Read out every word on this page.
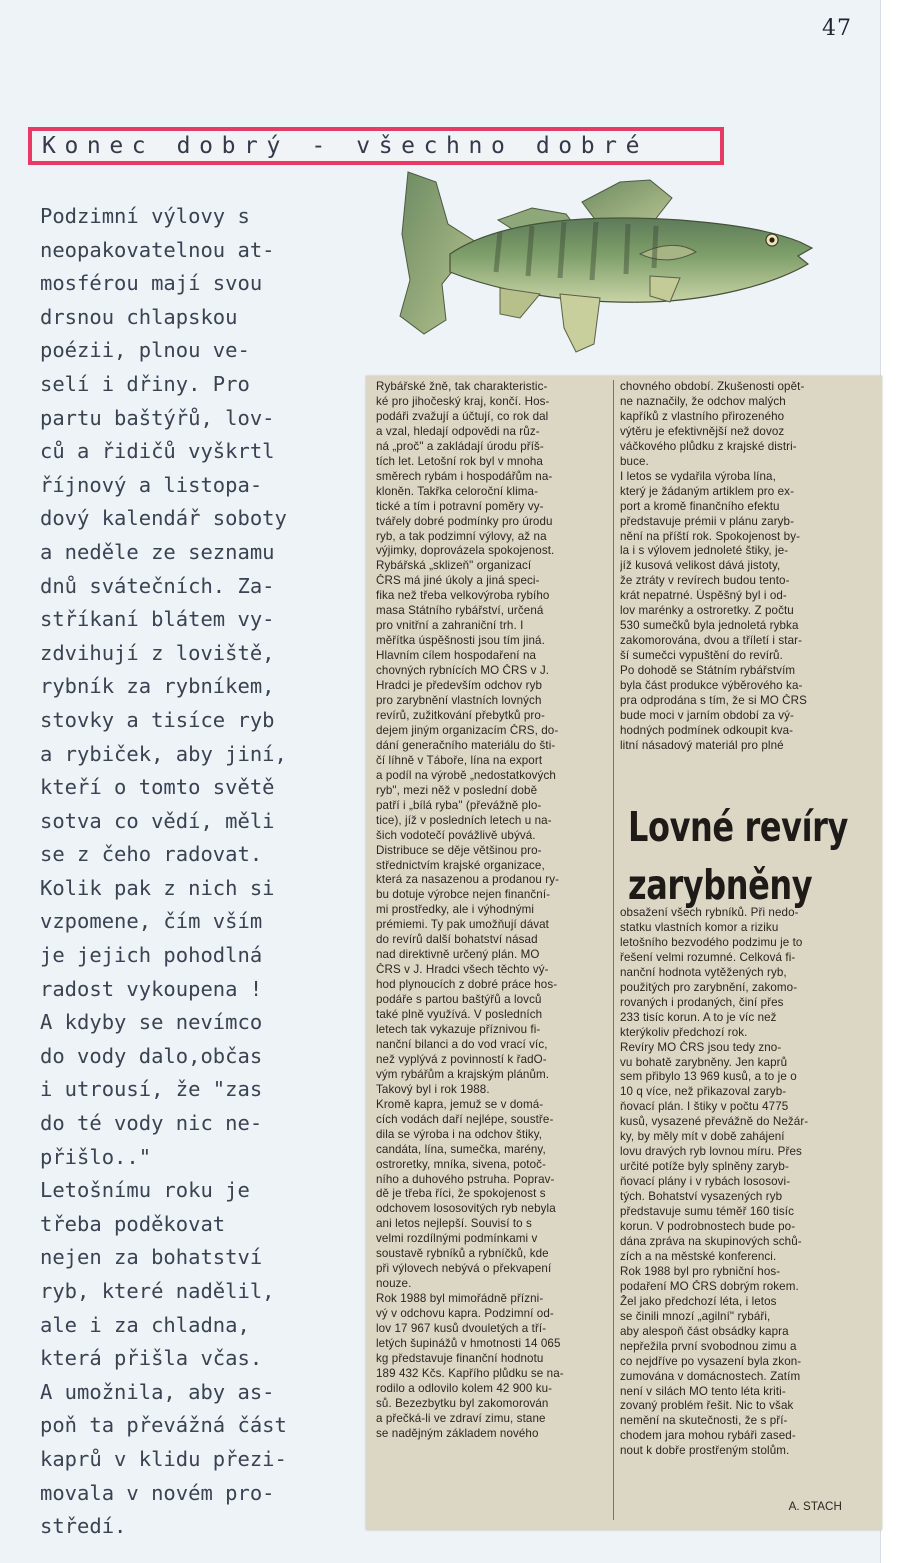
47
Konec dobrý - všechno dobré
Podzimní výlovy s
neopakovatelnou at-
mosférou mají svou
drsnou chlapskou
poézii, plnou ve-
selí i dřiny. Pro
partu baštýřů, lov-
ců a řidičů vyškrtl
říjnový a listopa-
dový kalendář soboty
a neděle ze seznamu
dnů svátečních. Za-
stříkaní blátem vy-
zdvihují z loviště,
rybník za rybníkem,
stovky a tisíce ryb
a rybiček, aby jiní,
kteří o tomto světě
sotva co vědí, měli
se z čeho radovat.
Kolik pak z nich si
vzpomene, čím vším
je jejich pohodlná
radost vykoupena !
A kdyby se nevímco
do vody dalo,občas
i utrousí, že "zas
do té vody nic ne-
přišlo.."
Letošnímu roku je
třeba poděkovat
nejen za bohatství
ryb, které nadělil,
ale i za chladna,
která přišla včas.
A umožnila, aby as-
poň ta převážná část
kaprů v klidu přezi-
movala v novém pro-
středí.
Rybářské žně, tak charakteristic-
ké pro jihočeský kraj, končí. Hos-
podáři zvažují a účtují, co rok dal
a vzal, hledají odpovědi na růz-
ná „proč" a zakládají úrodu příš-
tích let. Letošní rok byl v mnoha
směrech rybám i hospodářům na-
kloněn. Takřka celoroční klima-
tické a tím i potravní poměry vy-
tvářely dobré podmínky pro úrodu
ryb, a tak podzimní výlovy, až na
výjimky, doprovázela spokojenost.
Rybářská „sklizeň" organizací
ČRS má jiné úkoly a jiná speci-
fika než třeba velkovýroba rybího
masa Státního rybářství, určená
pro vnitřní a zahraniční trh. I
měřítka úspěšnosti jsou tím jiná.
Hlavním cílem hospodaření na
chovných rybnících MO ČRS v J.
Hradci je především odchov ryb
pro zarybnění vlastních lovných
revírů, zužitkování přebytků pro-
dejem jiným organizacím ČRS, do-
dání generačního materiálu do šti-
čí líhně v Táboře, lína na export
a podíl na výrobě „nedostatkových
ryb", mezi něž v poslední době
patří i „bílá ryba" (převážně plo-
tice), jíž v posledních letech u na-
šich vodotečí povážlivě ubývá.
Distribuce se děje většinou pro-
střednictvím krajské organizace,
která za nasazenou a prodanou ry-
bu dotuje výrobce nejen finanční-
mi prostředky, ale i výhodnými
prémiemi. Ty pak umožňují dávat
do revírů další bohatství násad
nad direktivně určený plán. MO
ČRS v J. Hradci všech těchto vý-
hod plynoucích z dobré práce hos-
podáře s partou baštýřů a lovců
také plně využívá. V posledních
letech tak vykazuje příznivou fi-
nanční bilanci a do vod vrací víc,
než vyplývá z povinností k řadO-
vým rybářům a krajským plánům.
Takový byl i rok 1988.
Kromě kapra, jemuž se v domá-
cích vodách daří nejlépe, soustře-
dila se výroba i na odchov štiky,
candáta, lína, sumečka, marény,
ostroretky, mníka, sivena, potoč-
ního a duhového pstruha. Poprav-
dě je třeba říci, že spokojenost s
odchovem lososovitých ryb nebyla
ani letos nejlepší. Souvisí to s
velmi rozdílnými podmínkami v
soustavě rybníků a rybníčků, kde
při výlovech nebývá o překvapení
nouze.
Rok 1988 byl mimořádně přízni-
vý v odchovu kapra. Podzimní od-
lov 17 967 kusů dvouletých a tří-
letých šupinážů v hmotnosti 14 065
kg představuje finanční hodnotu
189 432 Kčs. Kapřího plůdku se na-
rodilo a odlovilo kolem 42 900 ku-
sů. Bezezbytku byl zakomorován
a přečká-li ve zdraví zimu, stane
se nadějným základem nového
chovného období. Zkušenosti opět-
ne naznačily, že odchov malých
kapříků z vlastního přirozeného
výtěru je efektivnější než dovoz
váčkového plůdku z krajské distri-
buce.
I letos se vydařila výroba lína,
který je žádaným artiklem pro ex-
port a kromě finančního efektu
představuje prémii v plánu zaryb-
nění na příští rok. Spokojenost by-
la i s výlovem jednoleté štiky, je-
jíž kusová velikost dává jistoty,
že ztráty v revírech budou tento-
krát nepatrné. Úspěšný byl i od-
lov marénky a ostroretky. Z počtu
530 sumečků byla jednoletá rybka
zakomorována, dvou a tříletí i star-
ší sumečci vypuštění do revírů.
Po dohodě se Státním rybářstvím
byla část produkce výběrového ka-
pra odprodána s tím, že si MO ČRS
bude moci v jarním období za vý-
hodných podmínek odkoupit kva-
litní násadový materiál pro plné
Lovné revíry
zarybněny
obsažení všech rybníků. Při nedo-
statku vlastních komor a riziku
letošního bezvodého podzimu je to
řešení velmi rozumné. Celková fi-
nanční hodnota vytěžených ryb,
použitých pro zarybnění, zakomo-
rovaných i prodaných, činí přes
233 tisíc korun. A to je víc než
kterýkoliv předchozí rok.
Revíry MO ČRS jsou tedy zno-
vu bohatě zarybněny. Jen kaprů
sem přibylo 13 969 kusů, a to je o
10 q více, než přikazoval zaryb-
ňovací plán. I štiky v počtu 4775
kusů, vysazené převážně do Nežár-
ky, by měly mít v době zahájení
lovu dravých ryb lovnou míru. Přes
určité potíže byly splněny zaryb-
ňovací plány i v rybách lososovi-
tých. Bohatství vysazených ryb
představuje sumu téměř 160 tisíc
korun. V podrobnostech bude po-
dána zpráva na skupinových schů-
zích a na městské konferenci.
Rok 1988 byl pro rybniční hos-
podaření MO ČRS dobrým rokem.
Žel jako předchozí léta, i letos
se činili mnozí „agilní" rybáři,
aby alespoň část obsádky kapra
nepřežila první svobodnou zimu a
co nejdříve po vysazení byla zkon-
zumována v domácnostech. Zatím
není v silách MO tento léta kriti-
zovaný problém řešit. Nic to však
nemění na skutečnosti, že s pří-
chodem jara mohou rybáři zased-
nout k dobře prostřeným stolům.
A. STACH
